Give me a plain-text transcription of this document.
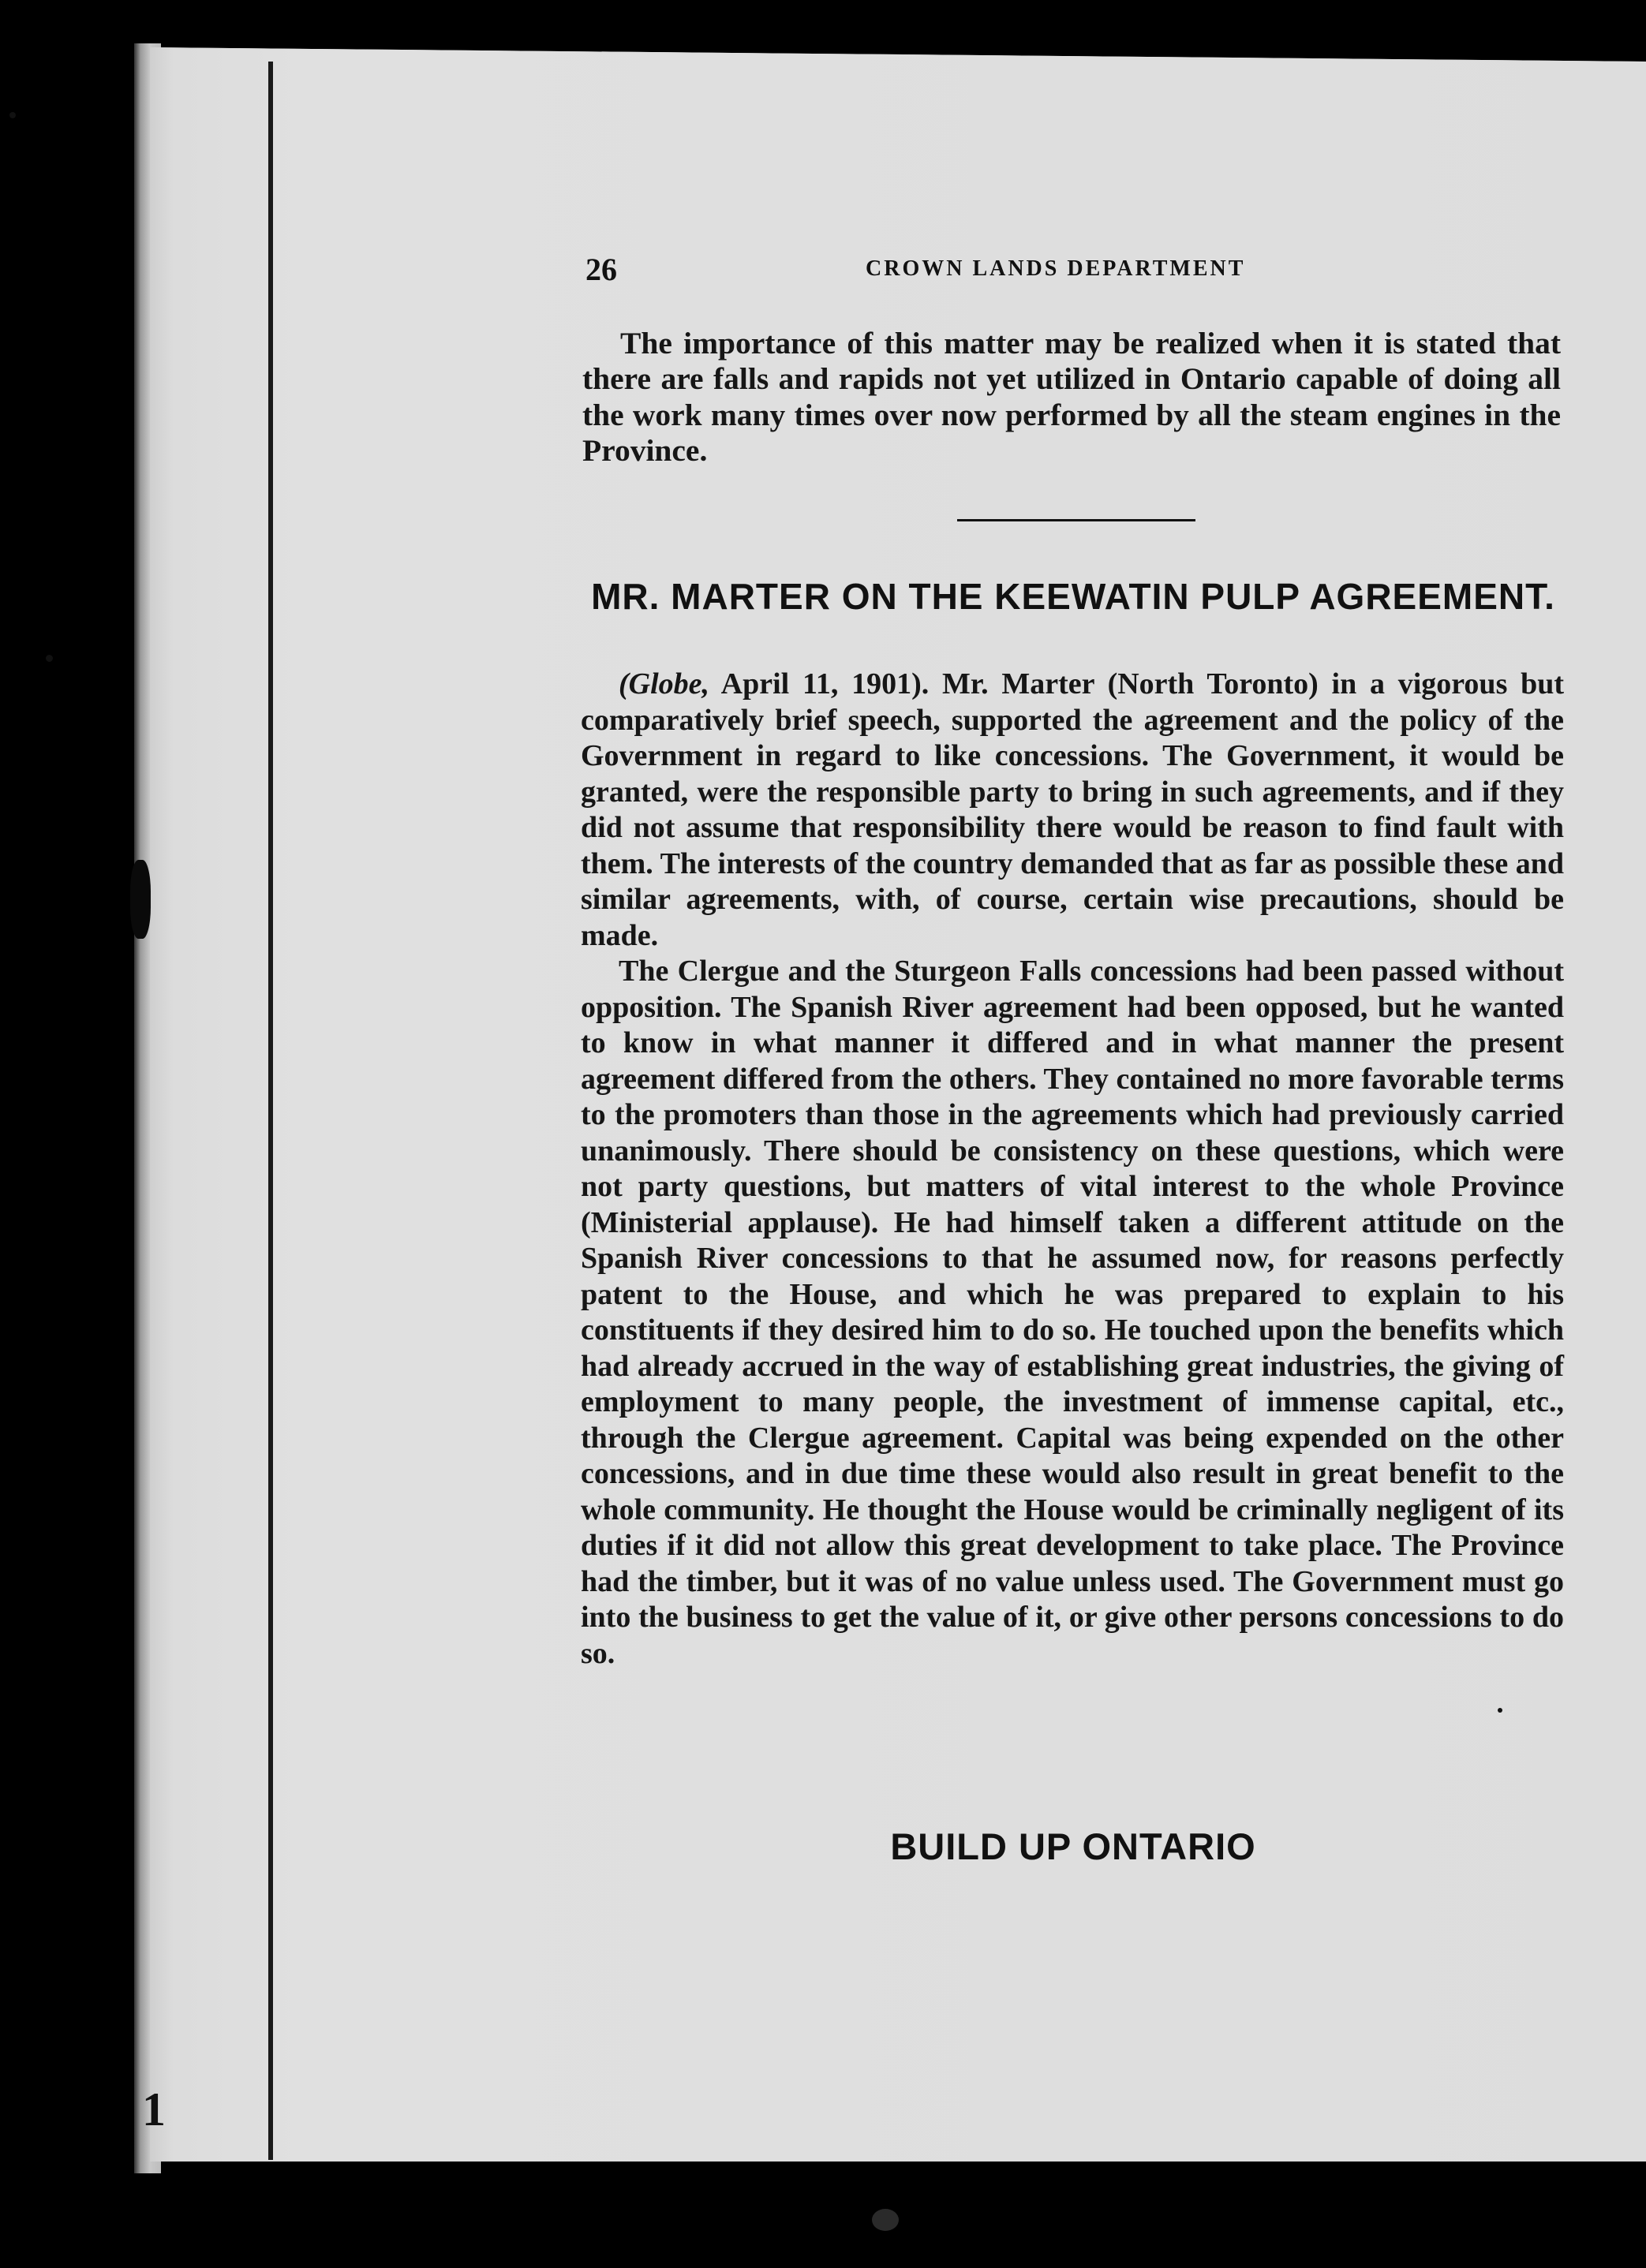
1
26	CROWN LANDS DEPARTMENT

The importance of this matter may be realized when it is stated that there are falls and rapids not yet utilized in Ontario capable of doing all the work many times over now performed by all the steam engines in the Province.

MR. MARTER ON THE KEEWATIN PULP AGREEMENT.

(Globe, April 11, 1901). Mr. Marter (North Toronto) in a vigorous but comparatively brief speech, supported the agreement and the policy of the Government in regard to like concessions. The Government, it would be granted, were the responsible party to bring in such agreements, and if they did not assume that responsibility there would be reason to find fault with them. The interests of the country demanded that as far as possible these and similar agreements, with, of course, certain wise precautions, should be made.

The Clergue and the Sturgeon Falls concessions had been passed without opposition. The Spanish River agreement had been opposed, but he wanted to know in what manner it differed and in what manner the present agreement differed from the others. They contained no more favorable terms to the promoters than those in the agreements which had previously carried unanimously. There should be consistency on these questions, which were not party questions, but matters of vital interest to the whole Province (Ministerial applause). He had himself taken a different attitude on the Spanish River concessions to that he assumed now, for reasons perfectly patent to the House, and which he was prepared to explain to his constituents if they desired him to do so. He touched upon the benefits which had already accrued in the way of establishing great industries, the giving of employment to many people, the investment of immense capital, etc., through the Clergue agreement. Capital was being expended on the other concessions, and in due time these would also result in great benefit to the whole community. He thought the House would be criminally negligent of its duties if it did not allow this great development to take place. The Province had the timber, but it was of no value unless used. The Government must go into the business to get the value of it, or give other persons concessions to do so.

BUILD UP ONTARIO
